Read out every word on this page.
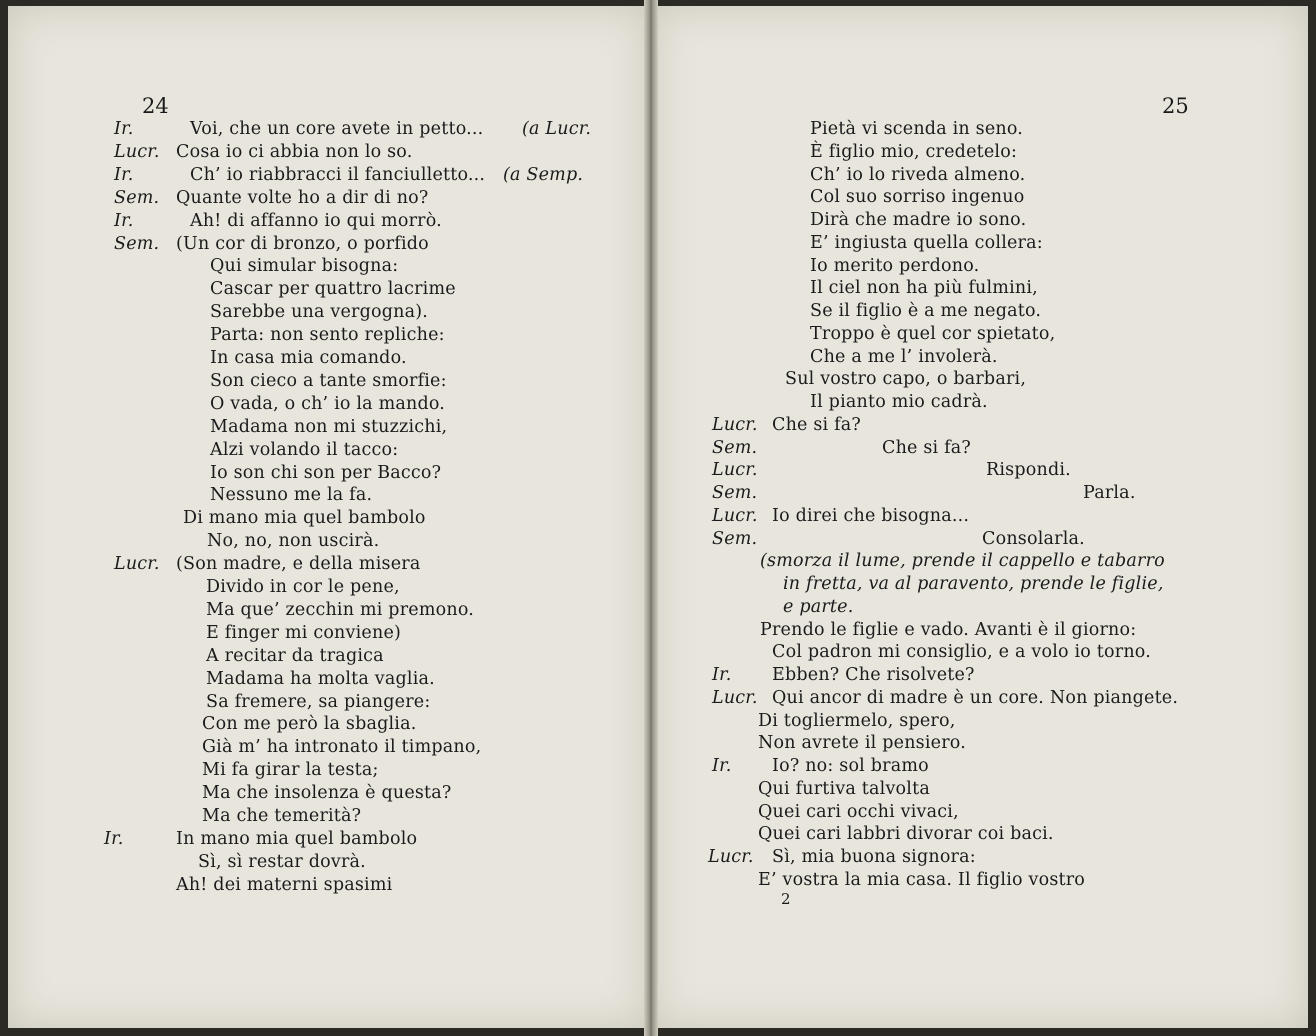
24	25
Ir.	Voi, che un core avete in petto... (a Lucr.
Lucr. Cosa io ci abbia non lo so.
Ir.	Ch’ io riabbracci il fanciulletto... (a Semp.
Sem. Quante volte ho a dir di no?
Ir.	Ah! di affanno io qui morrò.
Sem. (Un cor di bronzo, o porfido
Qui simular bisogna:
Cascar per quattro lacrime
Sarebbe una vergogna).
Parta: non sento repliche:
In casa mia comando.
Son cieco a tante smorfie:
O vada, o ch’ io la mando.
Madama non mi stuzzichi,
Alzi volando il tacco:
Io son chi son per Bacco?
Nessuno me la fa.
Di mano mia quel bambolo
No, no, non uscirà.
Lucr. (Son madre, e della misera
Divido in cor le pene,
Ma que’ zecchin mi premono.
E finger mi conviene)
A recitar da tragica
Madama ha molta vaglia.
Sa fremere, sa piangere:
Con me però la sbaglia.
Già m’ ha intronato il timpano,
Mi fa girar la testa;
Ma che insolenza è questa?
Ma che temerità?
Ir.	In mano mia quel bambolo
Sì, sì restar dovrà.
Ah! dei materni spasimi
Pietà vi scenda in seno.
È figlio mio, credetelo:
Ch’ io lo riveda almeno.
Col suo sorriso ingenuo
Dirà che madre io sono.
E’ ingiusta quella collera:
Io merito perdono.
Il ciel non ha più fulmini,
Se il figlio è a me negato.
Troppo è quel cor spietato,
Che a me l’ involerà.
Sul vostro capo, o barbari,
Il pianto mio cadrà.
Lucr. Che si fa?
Sem.	Che si fa?
Lucr.	Rispondi.
Sem.	Parla.
Lucr. Io direi che bisogna...
Sem.	Consolarla.
(smorza il lume, prende il cappello e tabarro
in fretta, va al paravento, prende le figlie,
e parte.
Prendo le figlie e vado. Avanti è il giorno:
Col padron mi consiglio, e a volo io torno.
Ir. Ebben? Che risolvete?
Lucr. Qui ancor di madre è un core. Non piangete.
Di togliermelo, spero,
Non avrete il pensiero.
Ir. Io? no: sol bramo
Qui furtiva talvolta
Quei cari occhi vivaci,
Quei cari labbri divorar coi baci.
Lucr. Sì, mia buona signora:
E’ vostra la mia casa. Il figlio vostro
2
